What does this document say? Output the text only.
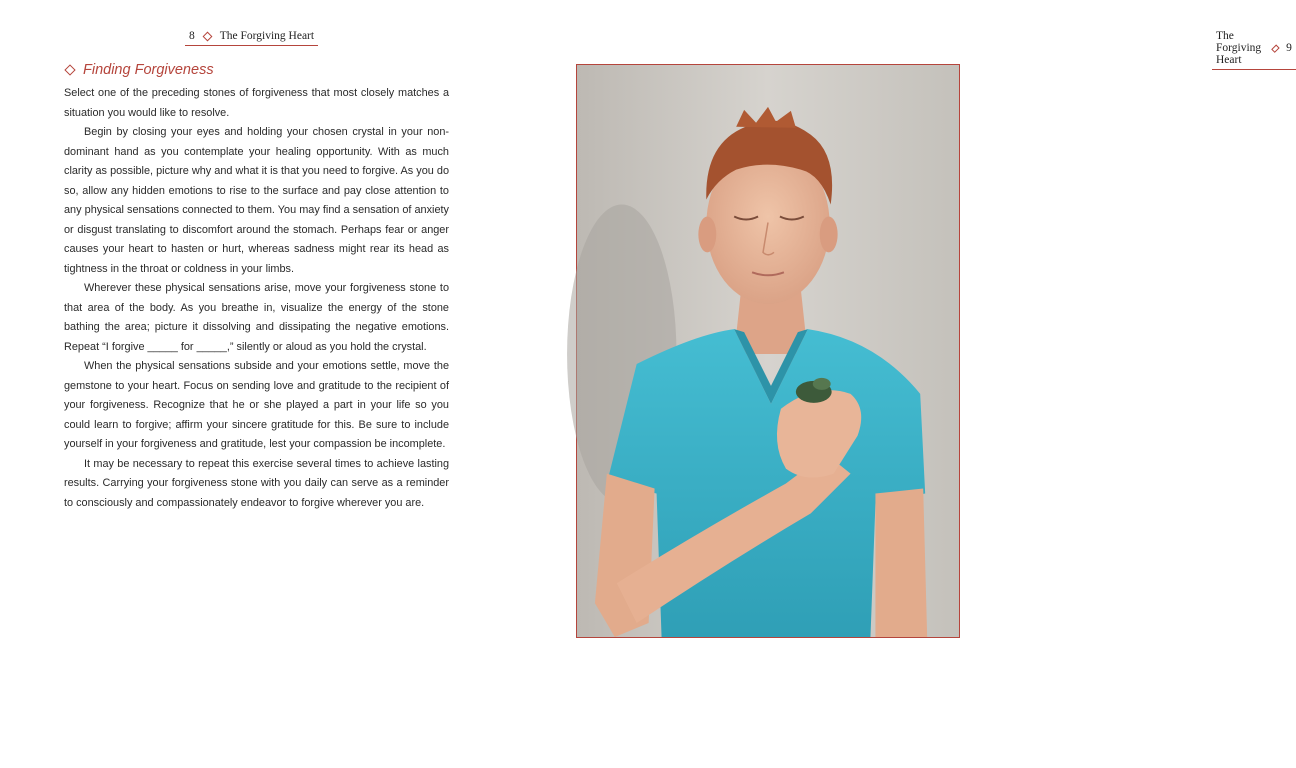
8 The Forgiving Heart
Finding Forgiveness

Select one of the preceding stones of forgiveness that most closely matches a situation you would like to resolve.

Begin by closing your eyes and holding your chosen crystal in your non-dominant hand as you contemplate your healing opportunity. With as much clarity as possible, picture why and what it is that you need to forgive. As you do so, allow any hidden emotions to rise to the surface and pay close attention to any physical sensations connected to them. You may find a sensation of anxiety or disgust translating to discomfort around the stomach. Perhaps fear or anger causes your heart to hasten or hurt, whereas sadness might rear its head as tightness in the throat or coldness in your limbs.

Wherever these physical sensations arise, move your forgiveness stone to that area of the body. As you breathe in, visualize the energy of the stone bathing the area; picture it dissolving and dissipating the negative emotions. Repeat “I forgive _____ for _____,” silently or aloud as you hold the crystal.

When the physical sensations subside and your emotions settle, move the gemstone to your heart. Focus on sending love and gratitude to the recipient of your forgiveness. Recognize that he or she played a part in your life so you could learn to forgive; affirm your sincere gratitude for this. Be sure to include yourself in your forgiveness and gratitude, lest your compassion be incomplete.

It may be necessary to repeat this exercise several times to achieve lasting results. Carrying your forgiveness stone with you daily can serve as a reminder to consciously and compassionately endeavor to forgive wherever you are.

The Forgiving Heart
9
